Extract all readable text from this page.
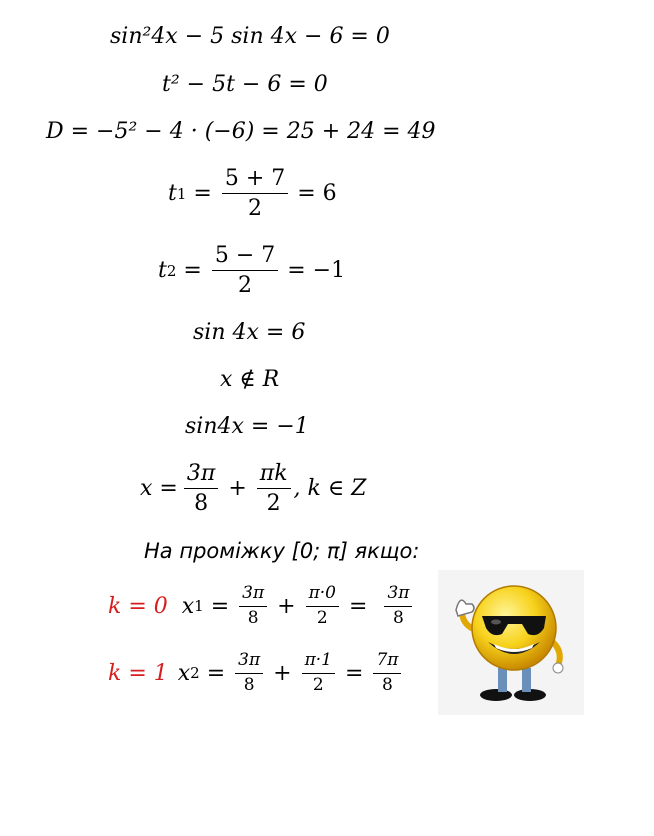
sin²4x − 5 sin 4x − 6 = 0
t² − 5t − 6 = 0
D = −5² − 4 · (−6) = 25 + 24 = 49
t $1 = \frac{5 + 7}{2} = 6$
t $2 = \frac{5 - 7}{2} = -1$
sin 4x = 6
x ∉ R
sin4x = −1
$x = \frac{3\pi}{8} + \frac{\pi k}{2}$ , k ∈ Z
На проміжку [0; π] якщо:
k = 0 x $1 = \frac{3\pi}{8} + \frac{\pi\cdot 0}{2} = \frac{3\pi}{8}$
k = 1 x $2 = \frac{3\pi}{8} + \frac{\pi\cdot 1}{2} = \frac{7\pi}{8}$
